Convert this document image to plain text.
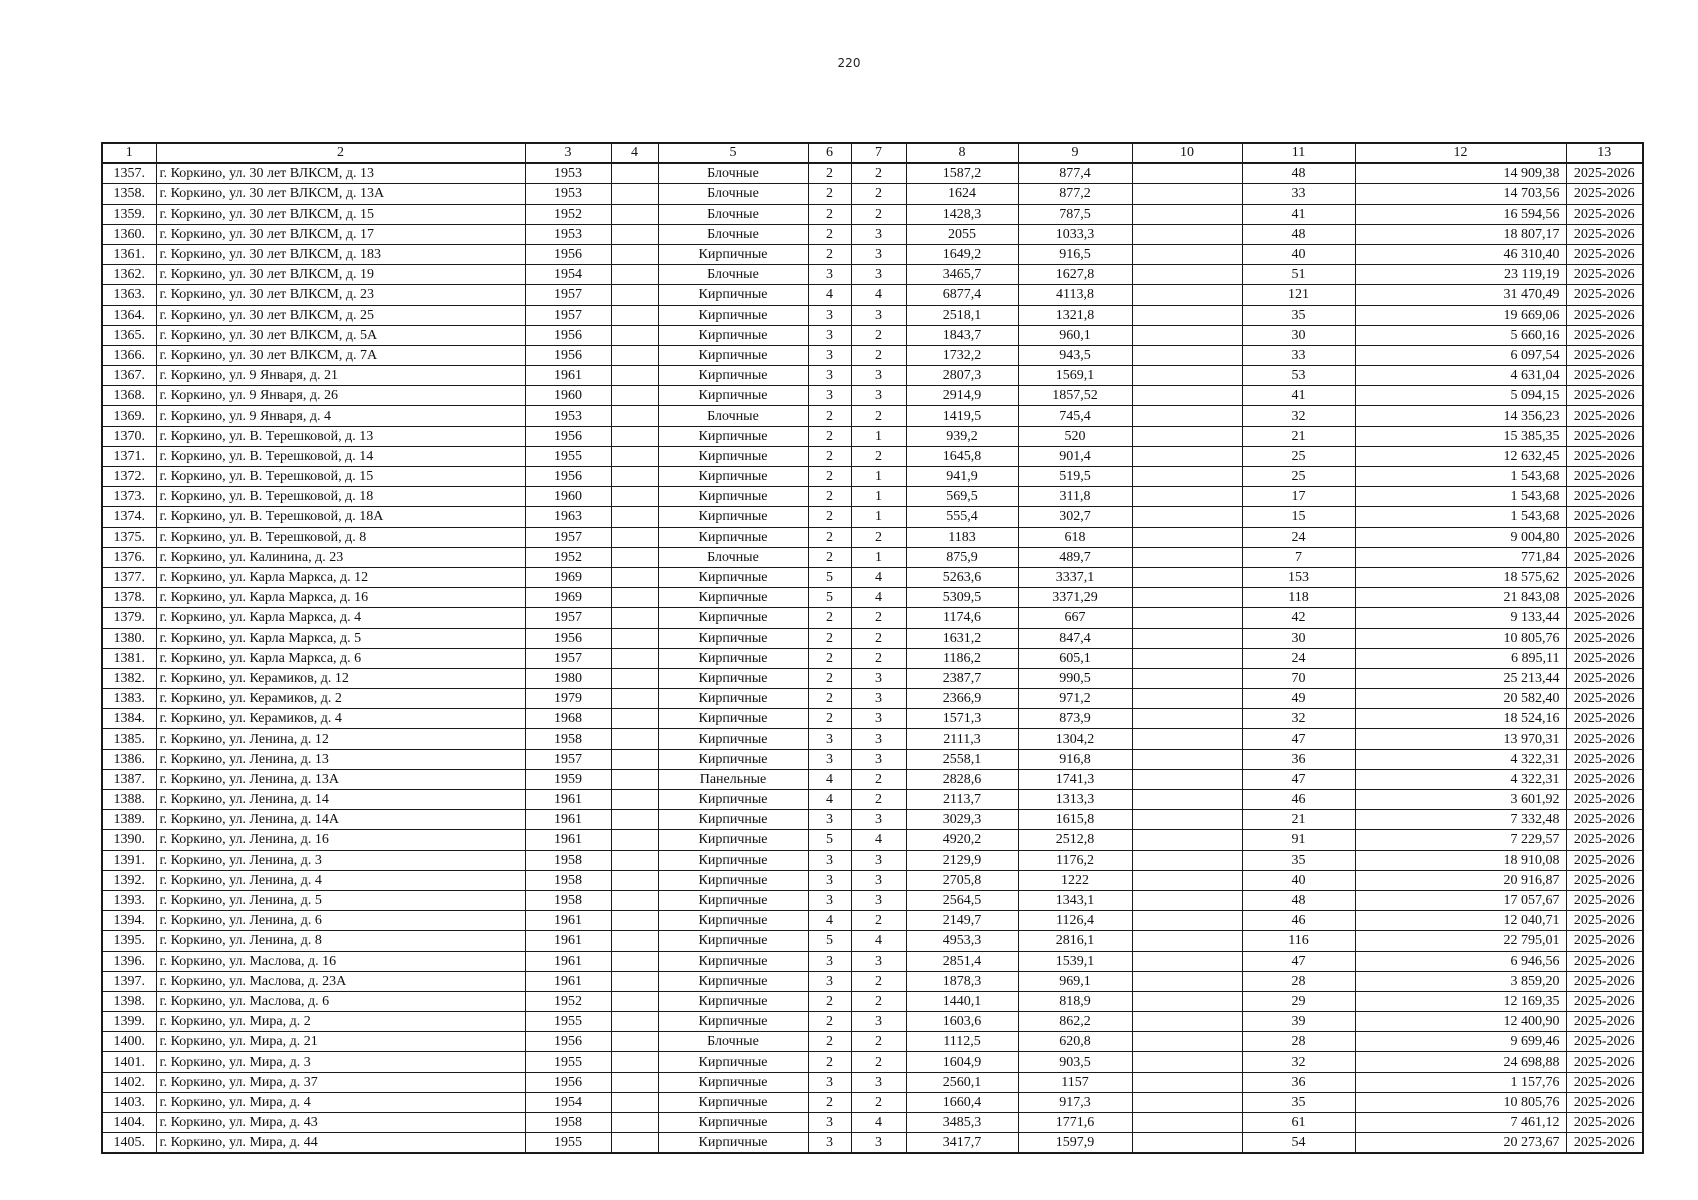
220
1	2	3	4	5	6	7	8	9	10	11	12	13
1357.	г. Коркино, ул. 30 лет ВЛКСМ, д. 13	1953		Блочные	2	2	1587,2	877,4		48	14 909,38	2025-2026
1358.	г. Коркино, ул. 30 лет ВЛКСМ, д. 13А	1953		Блочные	2	2	1624	877,2		33	14 703,56	2025-2026
1359.	г. Коркино, ул. 30 лет ВЛКСМ, д. 15	1952		Блочные	2	2	1428,3	787,5		41	16 594,56	2025-2026
1360.	г. Коркино, ул. 30 лет ВЛКСМ, д. 17	1953		Блочные	2	3	2055	1033,3		48	18 807,17	2025-2026
1361.	г. Коркино, ул. 30 лет ВЛКСМ, д. 183	1956		Кирпичные	2	3	1649,2	916,5		40	46 310,40	2025-2026
1362.	г. Коркино, ул. 30 лет ВЛКСМ, д. 19	1954		Блочные	3	3	3465,7	1627,8		51	23 119,19	2025-2026
1363.	г. Коркино, ул. 30 лет ВЛКСМ, д. 23	1957		Кирпичные	4	4	6877,4	4113,8		121	31 470,49	2025-2026
1364.	г. Коркино, ул. 30 лет ВЛКСМ, д. 25	1957		Кирпичные	3	3	2518,1	1321,8		35	19 669,06	2025-2026
1365.	г. Коркино, ул. 30 лет ВЛКСМ, д. 5А	1956		Кирпичные	3	2	1843,7	960,1		30	5 660,16	2025-2026
1366.	г. Коркино, ул. 30 лет ВЛКСМ, д. 7А	1956		Кирпичные	3	2	1732,2	943,5		33	6 097,54	2025-2026
1367.	г. Коркино, ул. 9 Января, д. 21	1961		Кирпичные	3	3	2807,3	1569,1		53	4 631,04	2025-2026
1368.	г. Коркино, ул. 9 Января, д. 26	1960		Кирпичные	3	3	2914,9	1857,52		41	5 094,15	2025-2026
1369.	г. Коркино, ул. 9 Января, д. 4	1953		Блочные	2	2	1419,5	745,4		32	14 356,23	2025-2026
1370.	г. Коркино, ул. В. Терешковой, д. 13	1956		Кирпичные	2	1	939,2	520		21	15 385,35	2025-2026
1371.	г. Коркино, ул. В. Терешковой, д. 14	1955		Кирпичные	2	2	1645,8	901,4		25	12 632,45	2025-2026
1372.	г. Коркино, ул. В. Терешковой, д. 15	1956		Кирпичные	2	1	941,9	519,5		25	1 543,68	2025-2026
1373.	г. Коркино, ул. В. Терешковой, д. 18	1960		Кирпичные	2	1	569,5	311,8		17	1 543,68	2025-2026
1374.	г. Коркино, ул. В. Терешковой, д. 18А	1963		Кирпичные	2	1	555,4	302,7		15	1 543,68	2025-2026
1375.	г. Коркино, ул. В. Терешковой, д. 8	1957		Кирпичные	2	2	1183	618		24	9 004,80	2025-2026
1376.	г. Коркино, ул. Калинина, д. 23	1952		Блочные	2	1	875,9	489,7		7	771,84	2025-2026
1377.	г. Коркино, ул. Карла Маркса, д. 12	1969		Кирпичные	5	4	5263,6	3337,1		153	18 575,62	2025-2026
1378.	г. Коркино, ул. Карла Маркса, д. 16	1969		Кирпичные	5	4	5309,5	3371,29		118	21 843,08	2025-2026
1379.	г. Коркино, ул. Карла Маркса, д. 4	1957		Кирпичные	2	2	1174,6	667		42	9 133,44	2025-2026
1380.	г. Коркино, ул. Карла Маркса, д. 5	1956		Кирпичные	2	2	1631,2	847,4		30	10 805,76	2025-2026
1381.	г. Коркино, ул. Карла Маркса, д. 6	1957		Кирпичные	2	2	1186,2	605,1		24	6 895,11	2025-2026
1382.	г. Коркино, ул. Керамиков, д. 12	1980		Кирпичные	2	3	2387,7	990,5		70	25 213,44	2025-2026
1383.	г. Коркино, ул. Керамиков, д. 2	1979		Кирпичные	2	3	2366,9	971,2		49	20 582,40	2025-2026
1384.	г. Коркино, ул. Керамиков, д. 4	1968		Кирпичные	2	3	1571,3	873,9		32	18 524,16	2025-2026
1385.	г. Коркино, ул. Ленина, д. 12	1958		Кирпичные	3	3	2111,3	1304,2		47	13 970,31	2025-2026
1386.	г. Коркино, ул. Ленина, д. 13	1957		Кирпичные	3	3	2558,1	916,8		36	4 322,31	2025-2026
1387.	г. Коркино, ул. Ленина, д. 13А	1959		Панельные	4	2	2828,6	1741,3		47	4 322,31	2025-2026
1388.	г. Коркино, ул. Ленина, д. 14	1961		Кирпичные	4	2	2113,7	1313,3		46	3 601,92	2025-2026
1389.	г. Коркино, ул. Ленина, д. 14А	1961		Кирпичные	3	3	3029,3	1615,8		21	7 332,48	2025-2026
1390.	г. Коркино, ул. Ленина, д. 16	1961		Кирпичные	5	4	4920,2	2512,8		91	7 229,57	2025-2026
1391.	г. Коркино, ул. Ленина, д. 3	1958		Кирпичные	3	3	2129,9	1176,2		35	18 910,08	2025-2026
1392.	г. Коркино, ул. Ленина, д. 4	1958		Кирпичные	3	3	2705,8	1222		40	20 916,87	2025-2026
1393.	г. Коркино, ул. Ленина, д. 5	1958		Кирпичные	3	3	2564,5	1343,1		48	17 057,67	2025-2026
1394.	г. Коркино, ул. Ленина, д. 6	1961		Кирпичные	4	2	2149,7	1126,4		46	12 040,71	2025-2026
1395.	г. Коркино, ул. Ленина, д. 8	1961		Кирпичные	5	4	4953,3	2816,1		116	22 795,01	2025-2026
1396.	г. Коркино, ул. Маслова, д. 16	1961		Кирпичные	3	3	2851,4	1539,1		47	6 946,56	2025-2026
1397.	г. Коркино, ул. Маслова, д. 23А	1961		Кирпичные	3	2	1878,3	969,1		28	3 859,20	2025-2026
1398.	г. Коркино, ул. Маслова, д. 6	1952		Кирпичные	2	2	1440,1	818,9		29	12 169,35	2025-2026
1399.	г. Коркино, ул. Мира, д. 2	1955		Кирпичные	2	3	1603,6	862,2		39	12 400,90	2025-2026
1400.	г. Коркино, ул. Мира, д. 21	1956		Блочные	2	2	1112,5	620,8		28	9 699,46	2025-2026
1401.	г. Коркино, ул. Мира, д. 3	1955		Кирпичные	2	2	1604,9	903,5		32	24 698,88	2025-2026
1402.	г. Коркино, ул. Мира, д. 37	1956		Кирпичные	3	3	2560,1	1157		36	1 157,76	2025-2026
1403.	г. Коркино, ул. Мира, д. 4	1954		Кирпичные	2	2	1660,4	917,3		35	10 805,76	2025-2026
1404.	г. Коркино, ул. Мира, д. 43	1958		Кирпичные	3	4	3485,3	1771,6		61	7 461,12	2025-2026
1405.	г. Коркино, ул. Мира, д. 44	1955		Кирпичные	3	3	3417,7	1597,9		54	20 273,67	2025-2026
